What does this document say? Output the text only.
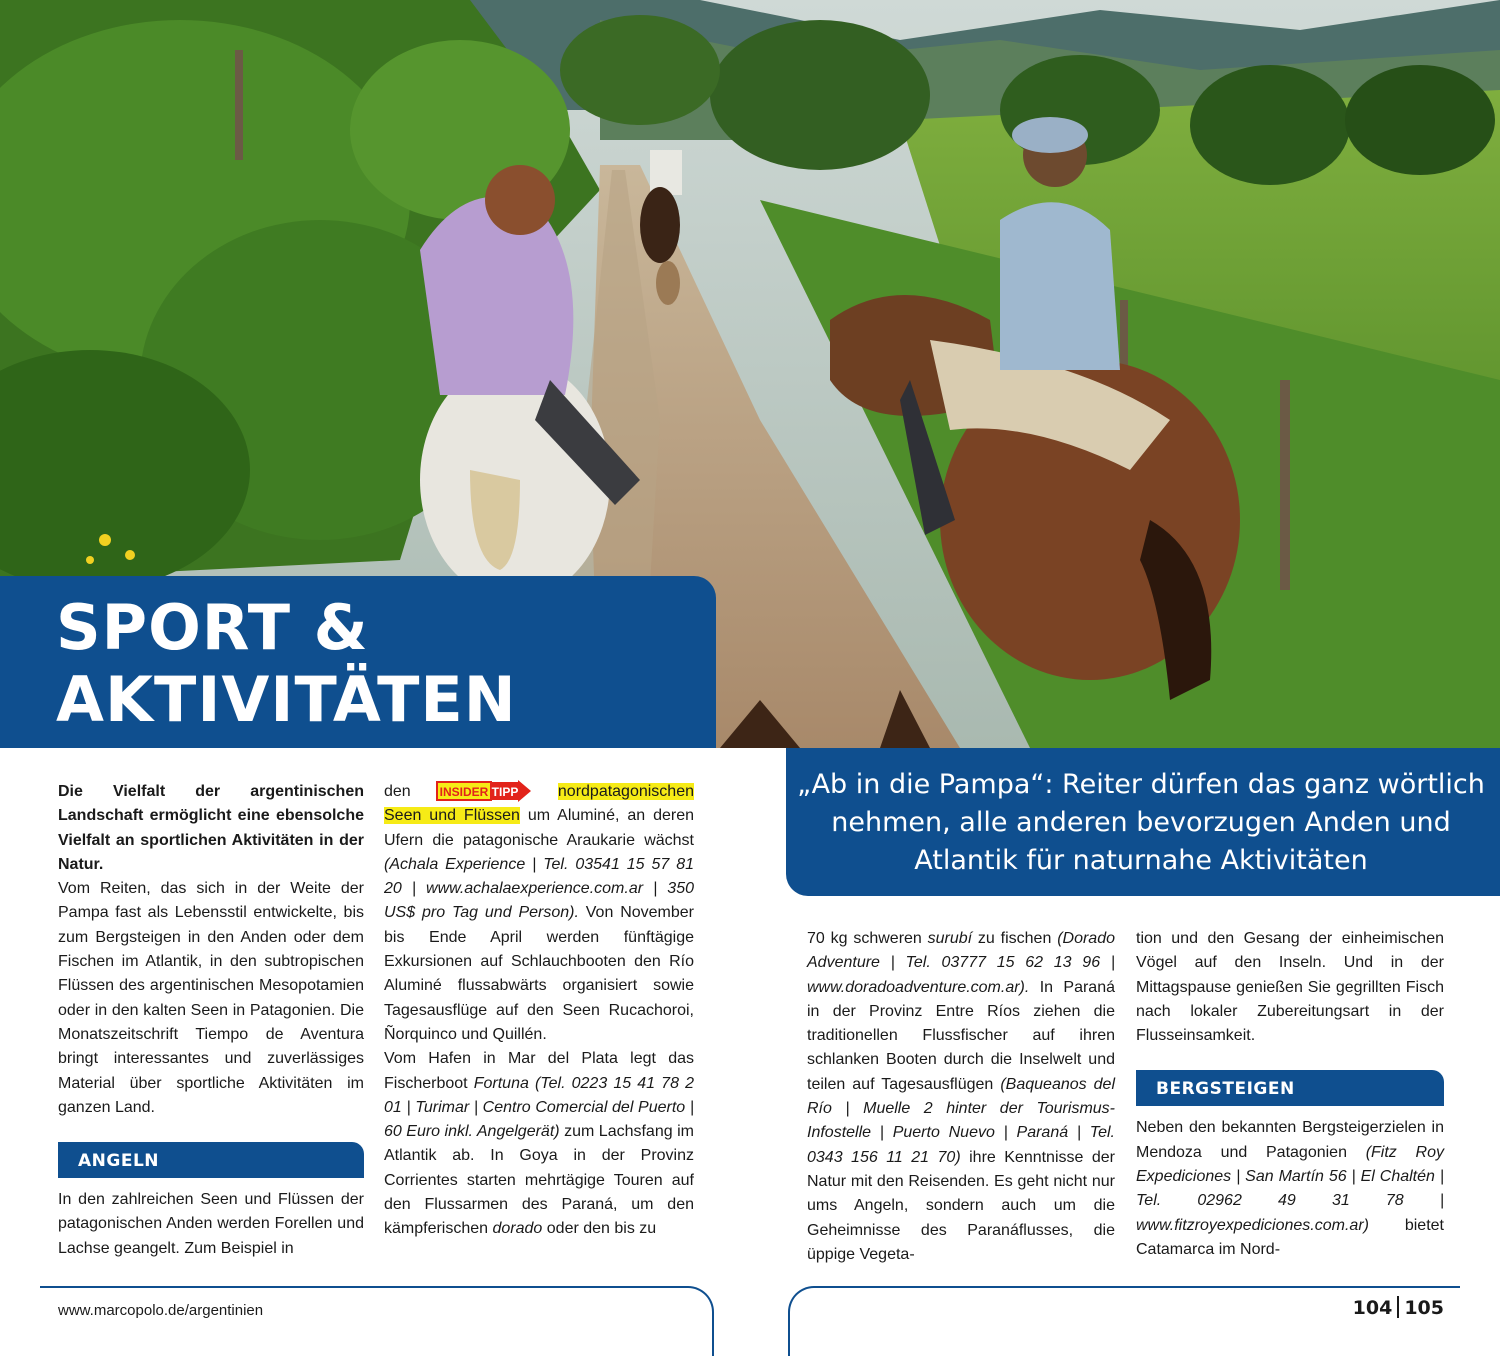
SPORT &
AKTIVITÄTEN

„Ab in die Pampa“: Reiter dürfen das ganz wörtlich nehmen, alle anderen bevorzugen Anden und Atlantik für naturnahe Aktivitäten

Die Vielfalt der argentinischen Landschaft ermöglicht eine ebensolche Vielfalt an sportlichen Aktivitäten in der Natur.

Vom Reiten, das sich in der Weite der Pampa fast als Lebensstil entwickelte, bis zum Bergsteigen in den Anden oder dem Fischen im Atlantik, in den subtropischen Flüssen des argentinischen Mesopotamien oder in den kalten Seen in Patagonien. Die Monatszeitschrift Tiempo de Aventura bringt interessantes und zuverlässiges Material über sportliche Aktivitäten im ganzen Land.

ANGELN

In den zahlreichen Seen und Flüssen der patagonischen Anden werden Forellen und Lachse geangelt. Zum Beispiel in

den INSIDER TIPP nordpatagonischen Seen und Flüssen um Aluminé, an deren Ufern die patagonische Araukarie wächst (Achala Experience | Tel. 03541 15 57 81 20 | www.achalaexperience.com.ar | 350 US$ pro Tag und Person). Von November bis Ende April werden fünftägige Exkursionen auf Schlauchbooten den Río Aluminé flussabwärts organisiert sowie Tagesausflüge auf den Seen Rucachoroi, Ñorquinco und Quillén.

Vom Hafen in Mar del Plata legt das Fischerboot Fortuna (Tel. 0223 15 41 78 2 01 | Turimar | Centro Comercial del Puerto | 60 Euro inkl. Angelgerät) zum Lachsfang im Atlantik ab. In Goya in der Provinz Corrientes starten mehrtägige Touren auf den Flussarmen des Paraná, um den kämpferischen dorado oder den bis zu

70 kg schweren surubí zu fischen (Dorado Adventure | Tel. 03777 15 62 13 96 | www.doradoadventure.com.ar). In Paraná in der Provinz Entre Ríos ziehen die traditionellen Flussfischer auf ihren schlanken Booten durch die Inselwelt und teilen auf Tagesausflügen (Baqueanos del Río | Muelle 2 hinter der Tourismus-Infostelle | Puerto Nuevo | Paraná | Tel. 0343 156 11 21 70) ihre Kenntnisse der Natur mit den Reisenden. Es geht nicht nur ums Angeln, sondern auch um die Geheimnisse des Paranáflusses, die üppige Vegeta-

tion und den Gesang der einheimischen Vögel auf den Inseln. Und in der Mittagspause genießen Sie gegrillten Fisch nach lokaler Zubereitungsart in der Flusseinsamkeit.

BERGSTEIGEN

Neben den bekannten Bergsteigerzielen in Mendoza und Patagonien (Fitz Roy Expediciones | San Martín 56 | El Chaltén | Tel. 02962 49 31 78 | www.fitzroyexpediciones.com.ar) bietet Catamarca im Nord-

www.marcopolo.de/argentinien	104 105
